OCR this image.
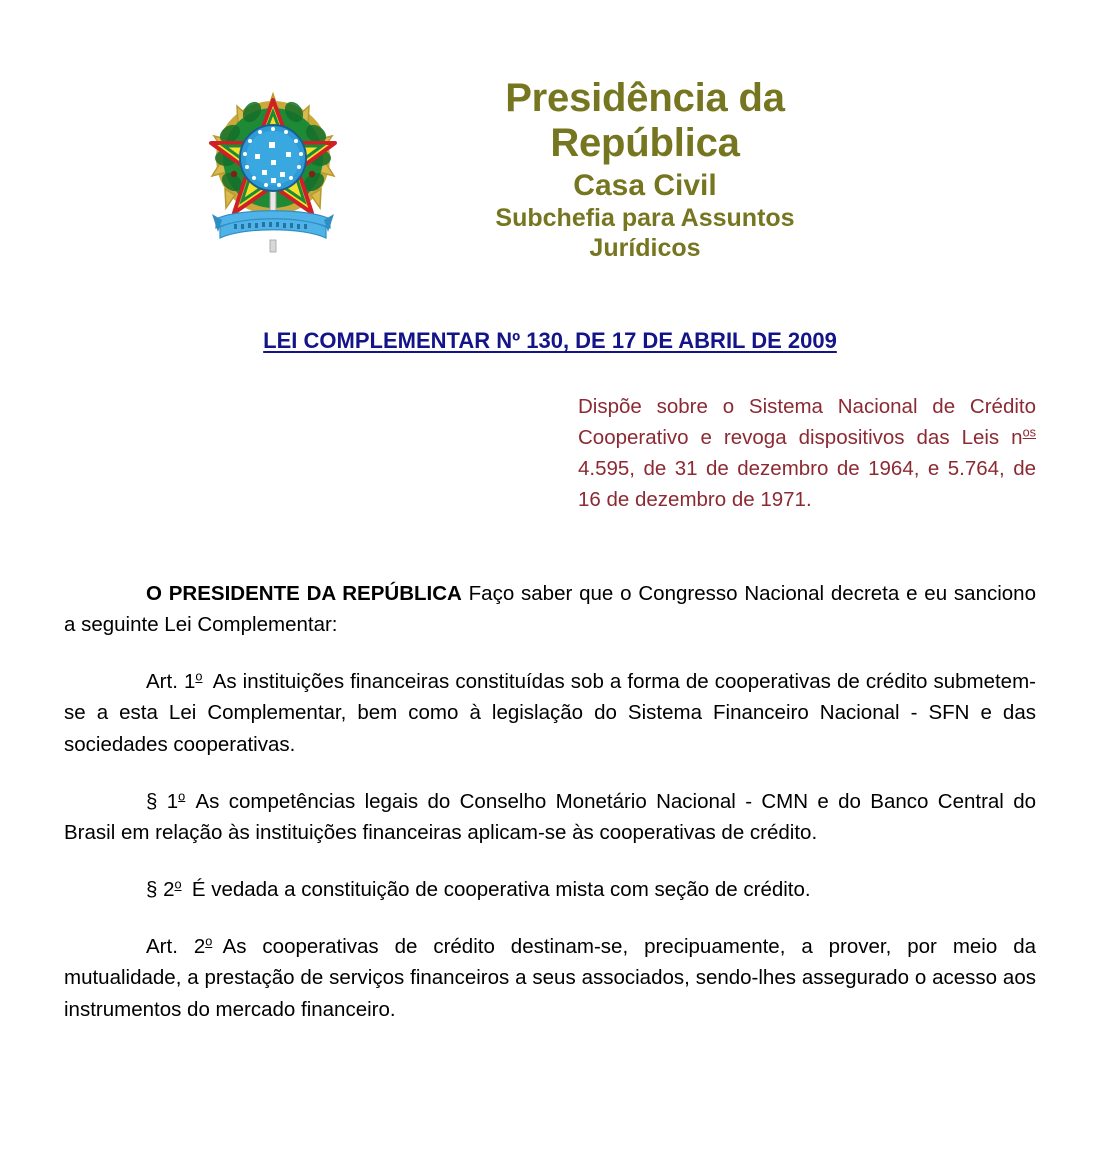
Presidência da
República
Casa Civil
Subchefia para Assuntos
Jurídicos
LEI COMPLEMENTAR Nº 130, DE 17 DE ABRIL DE 2009
Dispõe sobre o Sistema Nacional de Crédito Cooperativo e revoga dispositivos das Leis $n^{os}$ 4.595, de 31 de dezembro de 1964, e 5.764, de 16 de dezembro de 1971.

O PRESIDENTE DA REPÚBLICA Faço saber que o Congresso Nacional decreta e eu sanciono a seguinte Lei Complementar:

Art. 1$^o$ As instituições financeiras constituídas sob a forma de cooperativas de crédito submetem-se a esta Lei Complementar, bem como à legislação do Sistema Financeiro Nacional - SFN e das sociedades cooperativas.

§ 1$^o$ As competências legais do Conselho Monetário Nacional - CMN e do Banco Central do Brasil em relação às instituições financeiras aplicam-se às cooperativas de crédito.

§ 2$^o$ É vedada a constituição de cooperativa mista com seção de crédito.

Art. 2$^o$ As cooperativas de crédito destinam-se, precipuamente, a prover, por meio da mutualidade, a prestação de serviços financeiros a seus associados, sendo-lhes assegurado o acesso aos instrumentos do mercado financeiro.
